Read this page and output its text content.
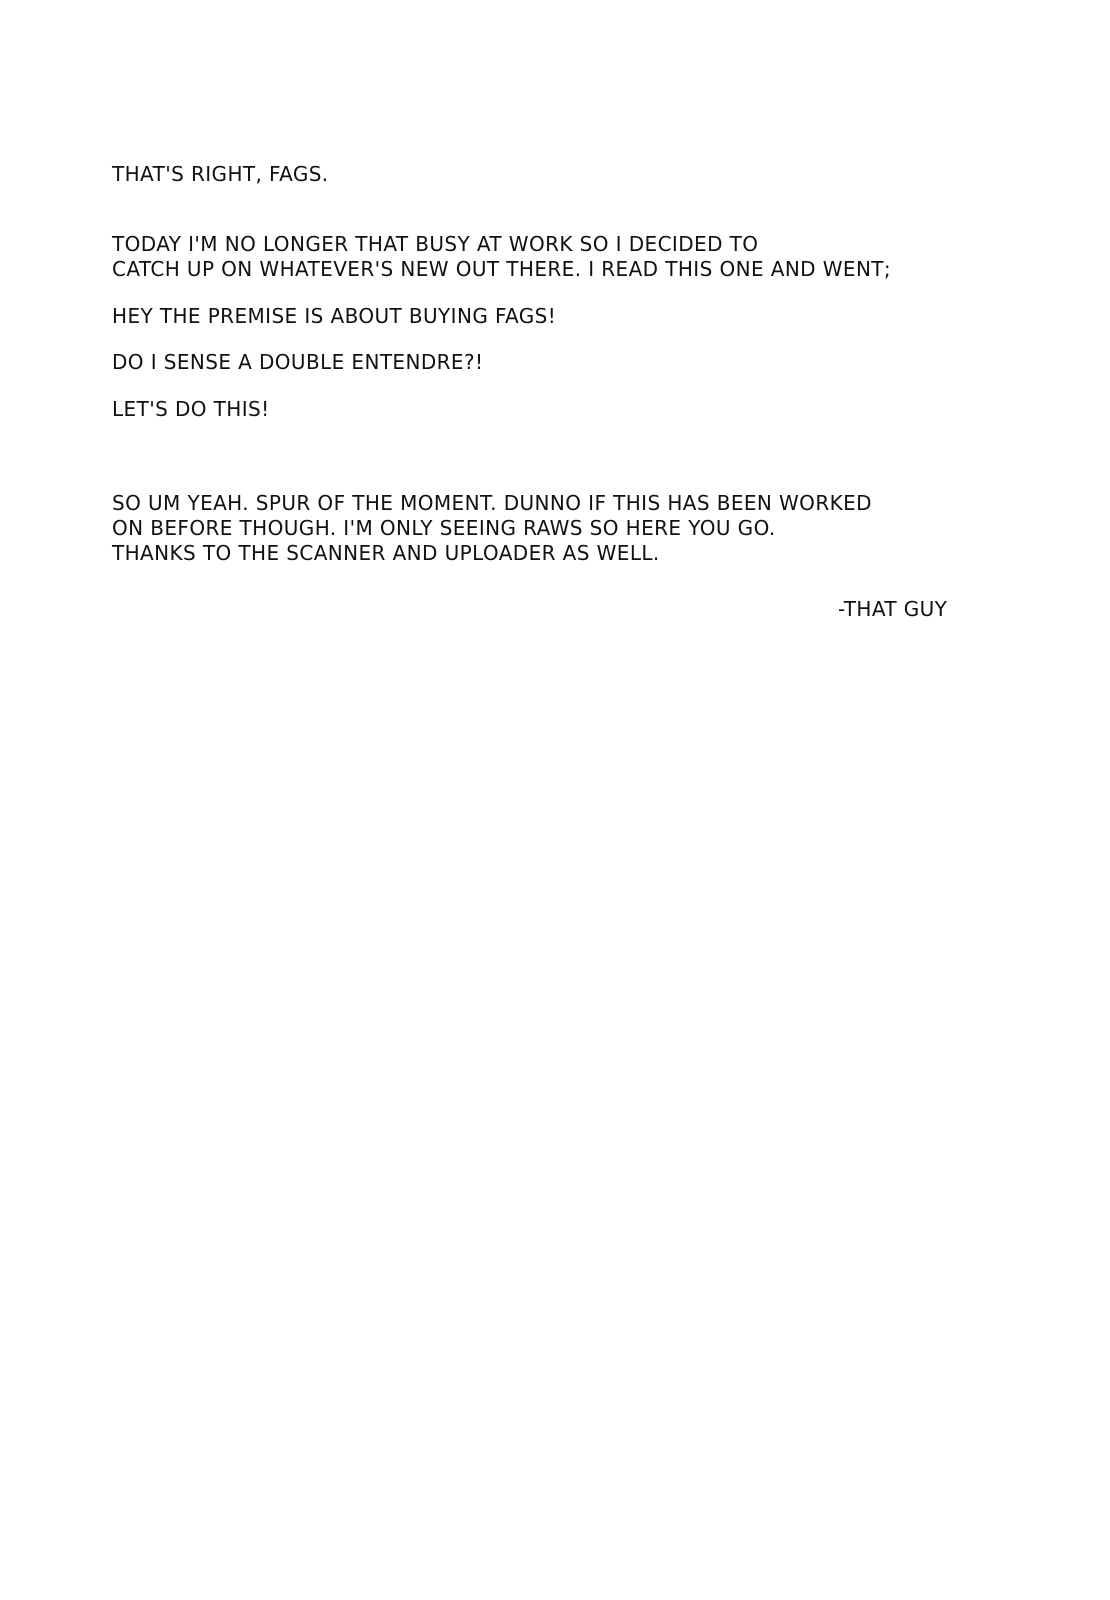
THAT'S RIGHT, FAGS.

TODAY I'M NO LONGER THAT BUSY AT WORK SO I DECIDED TO

CATCH UP ON WHATEVER'S NEW OUT THERE. I READ THIS ONE AND WENT;

HEY THE PREMISE IS ABOUT BUYING FAGS!

DO I SENSE A DOUBLE ENTENDRE?!

LET'S DO THIS!

SO UM YEAH. SPUR OF THE MOMENT. DUNNO IF THIS HAS BEEN WORKED

ON BEFORE THOUGH. I'M ONLY SEEING RAWS SO HERE YOU GO.

THANKS TO THE SCANNER AND UPLOADER AS WELL.

-THAT GUY
